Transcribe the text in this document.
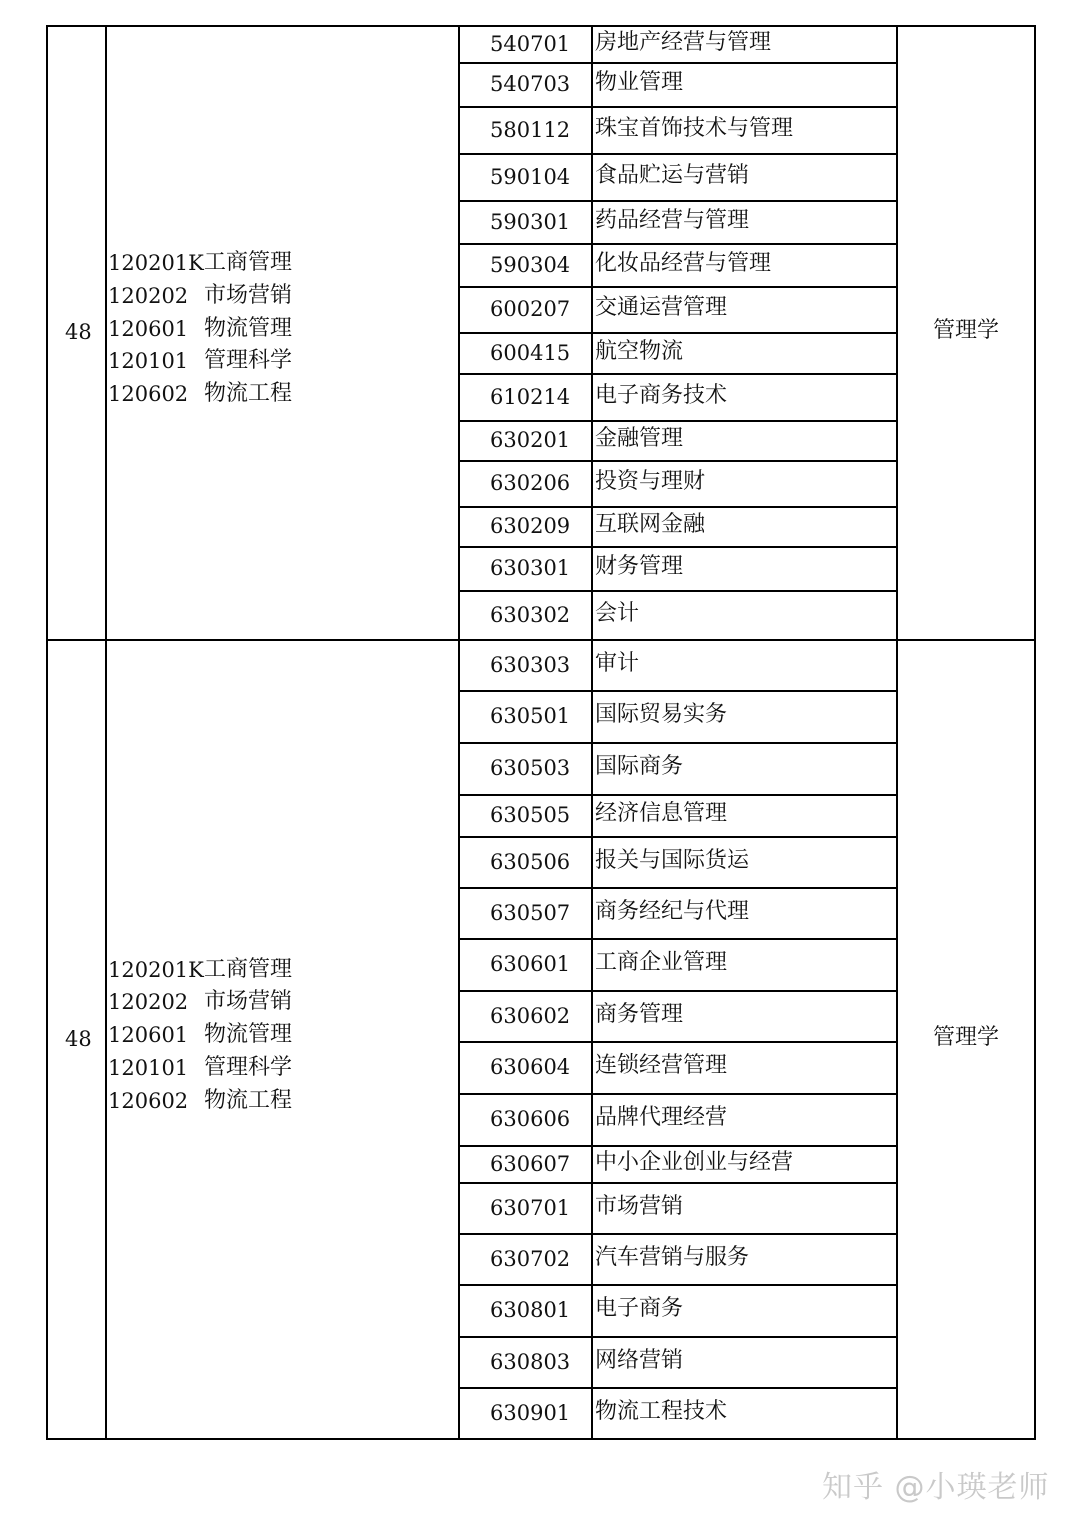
48
120201K 工商管理
120202 市场营销
120601 物流管理
120101 管理科学
120602 物流工程
540701 房地产经营与管理
540703 物业管理
580112 珠宝首饰技术与管理
590104 食品贮运与营销
590301 药品经营与管理
590304 化妆品经营与管理
600207 交通运营管理
600415 航空物流
610214 电子商务技术
630201 金融管理
630206 投资与理财
630209 互联网金融
630301 财务管理
630302 会计
管理学
48
120201K 工商管理
120202 市场营销
120601 物流管理
120101 管理科学
120602 物流工程
630303 审计
630501 国际贸易实务
630503 国际商务
630505 经济信息管理
630506 报关与国际货运
630507 商务经纪与代理
630601 工商企业管理
630602 商务管理
630604 连锁经营管理
630606 品牌代理经营
630607 中小企业创业与经营
630701 市场营销
630702 汽车营销与服务
630801 电子商务
630803 网络营销
630901 物流工程技术
管理学
知乎 @小瑛老师
